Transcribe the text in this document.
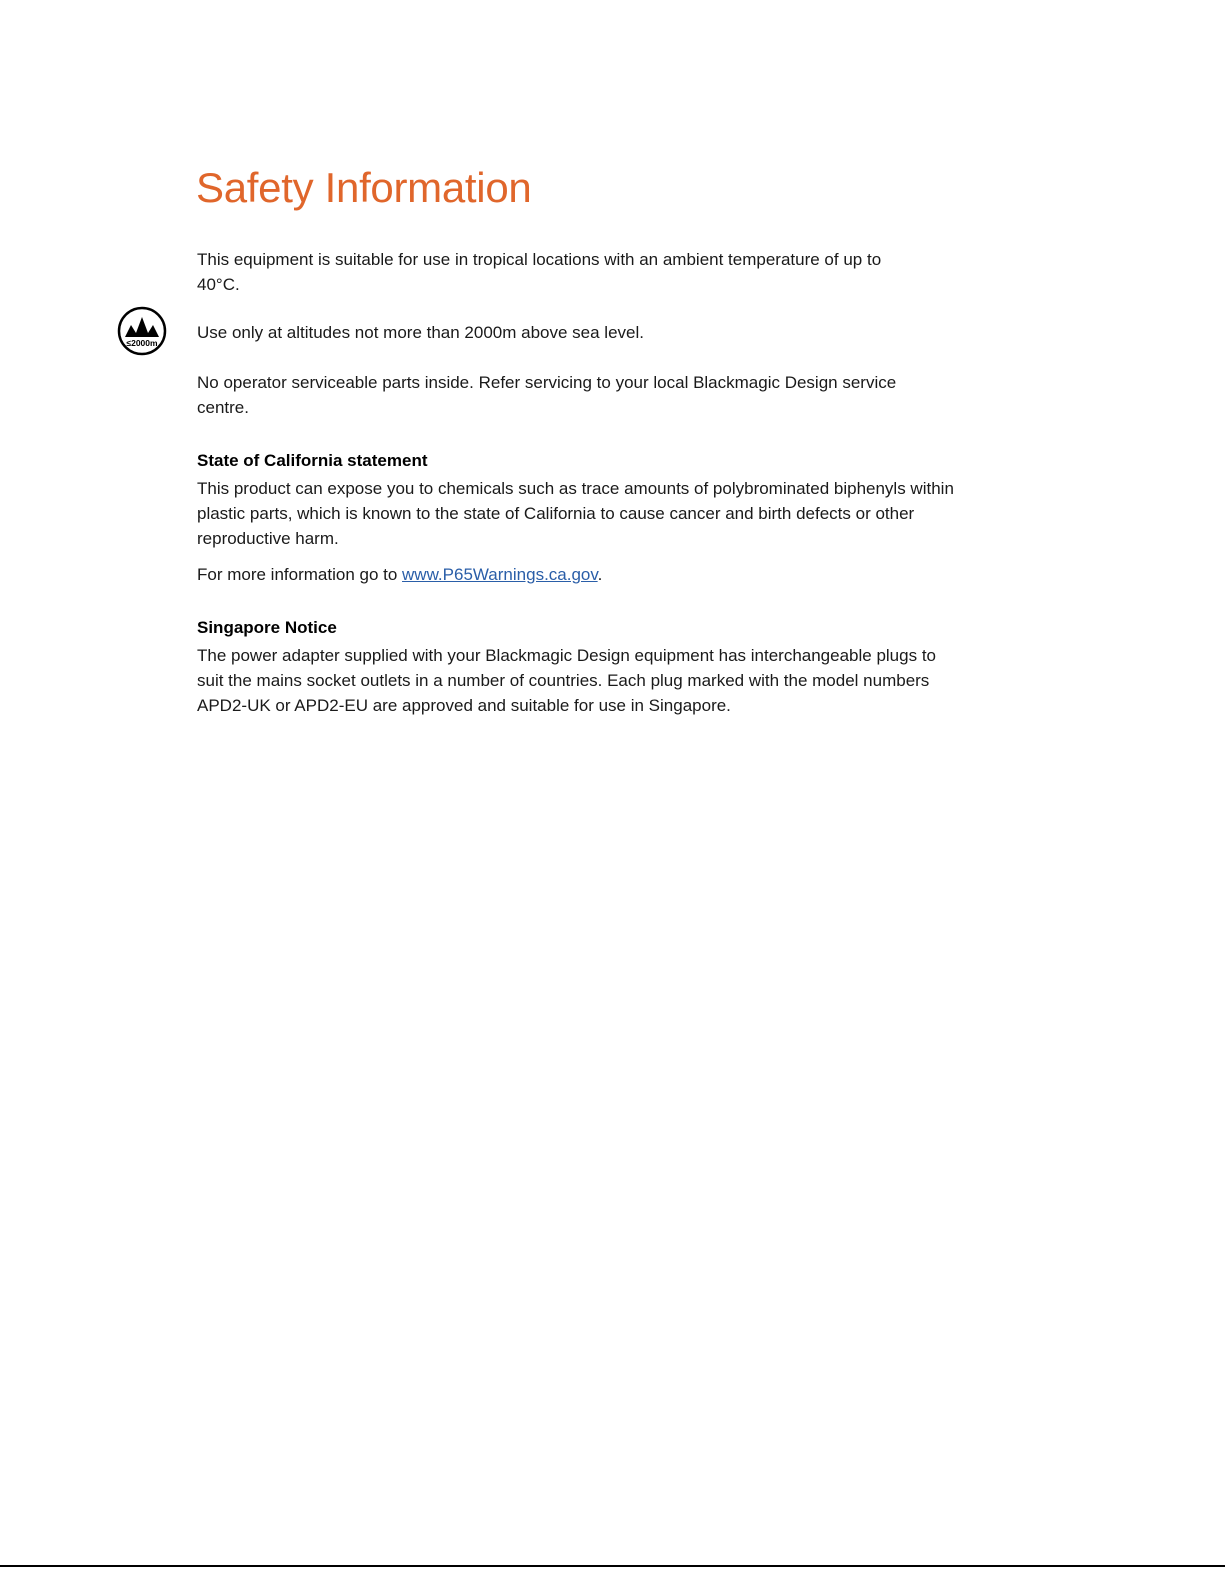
Safety Information

This equipment is suitable for use in tropical locations with an ambient temperature of up to 40°C.

≤2000m

Use only at altitudes not more than 2000m above sea level.

No operator serviceable parts inside. Refer servicing to your local Blackmagic Design service centre.

State of California statement

This product can expose you to chemicals such as trace amounts of polybrominated biphenyls within plastic parts, which is known to the state of California to cause cancer and birth defects or other reproductive harm.

For more information go to www.P65Warnings.ca.gov.

Singapore Notice

The power adapter supplied with your Blackmagic Design equipment has interchangeable plugs to suit the mains socket outlets in a number of countries. Each plug marked with the model numbers APD2-UK or APD2-EU are approved and suitable for use in Singapore.
